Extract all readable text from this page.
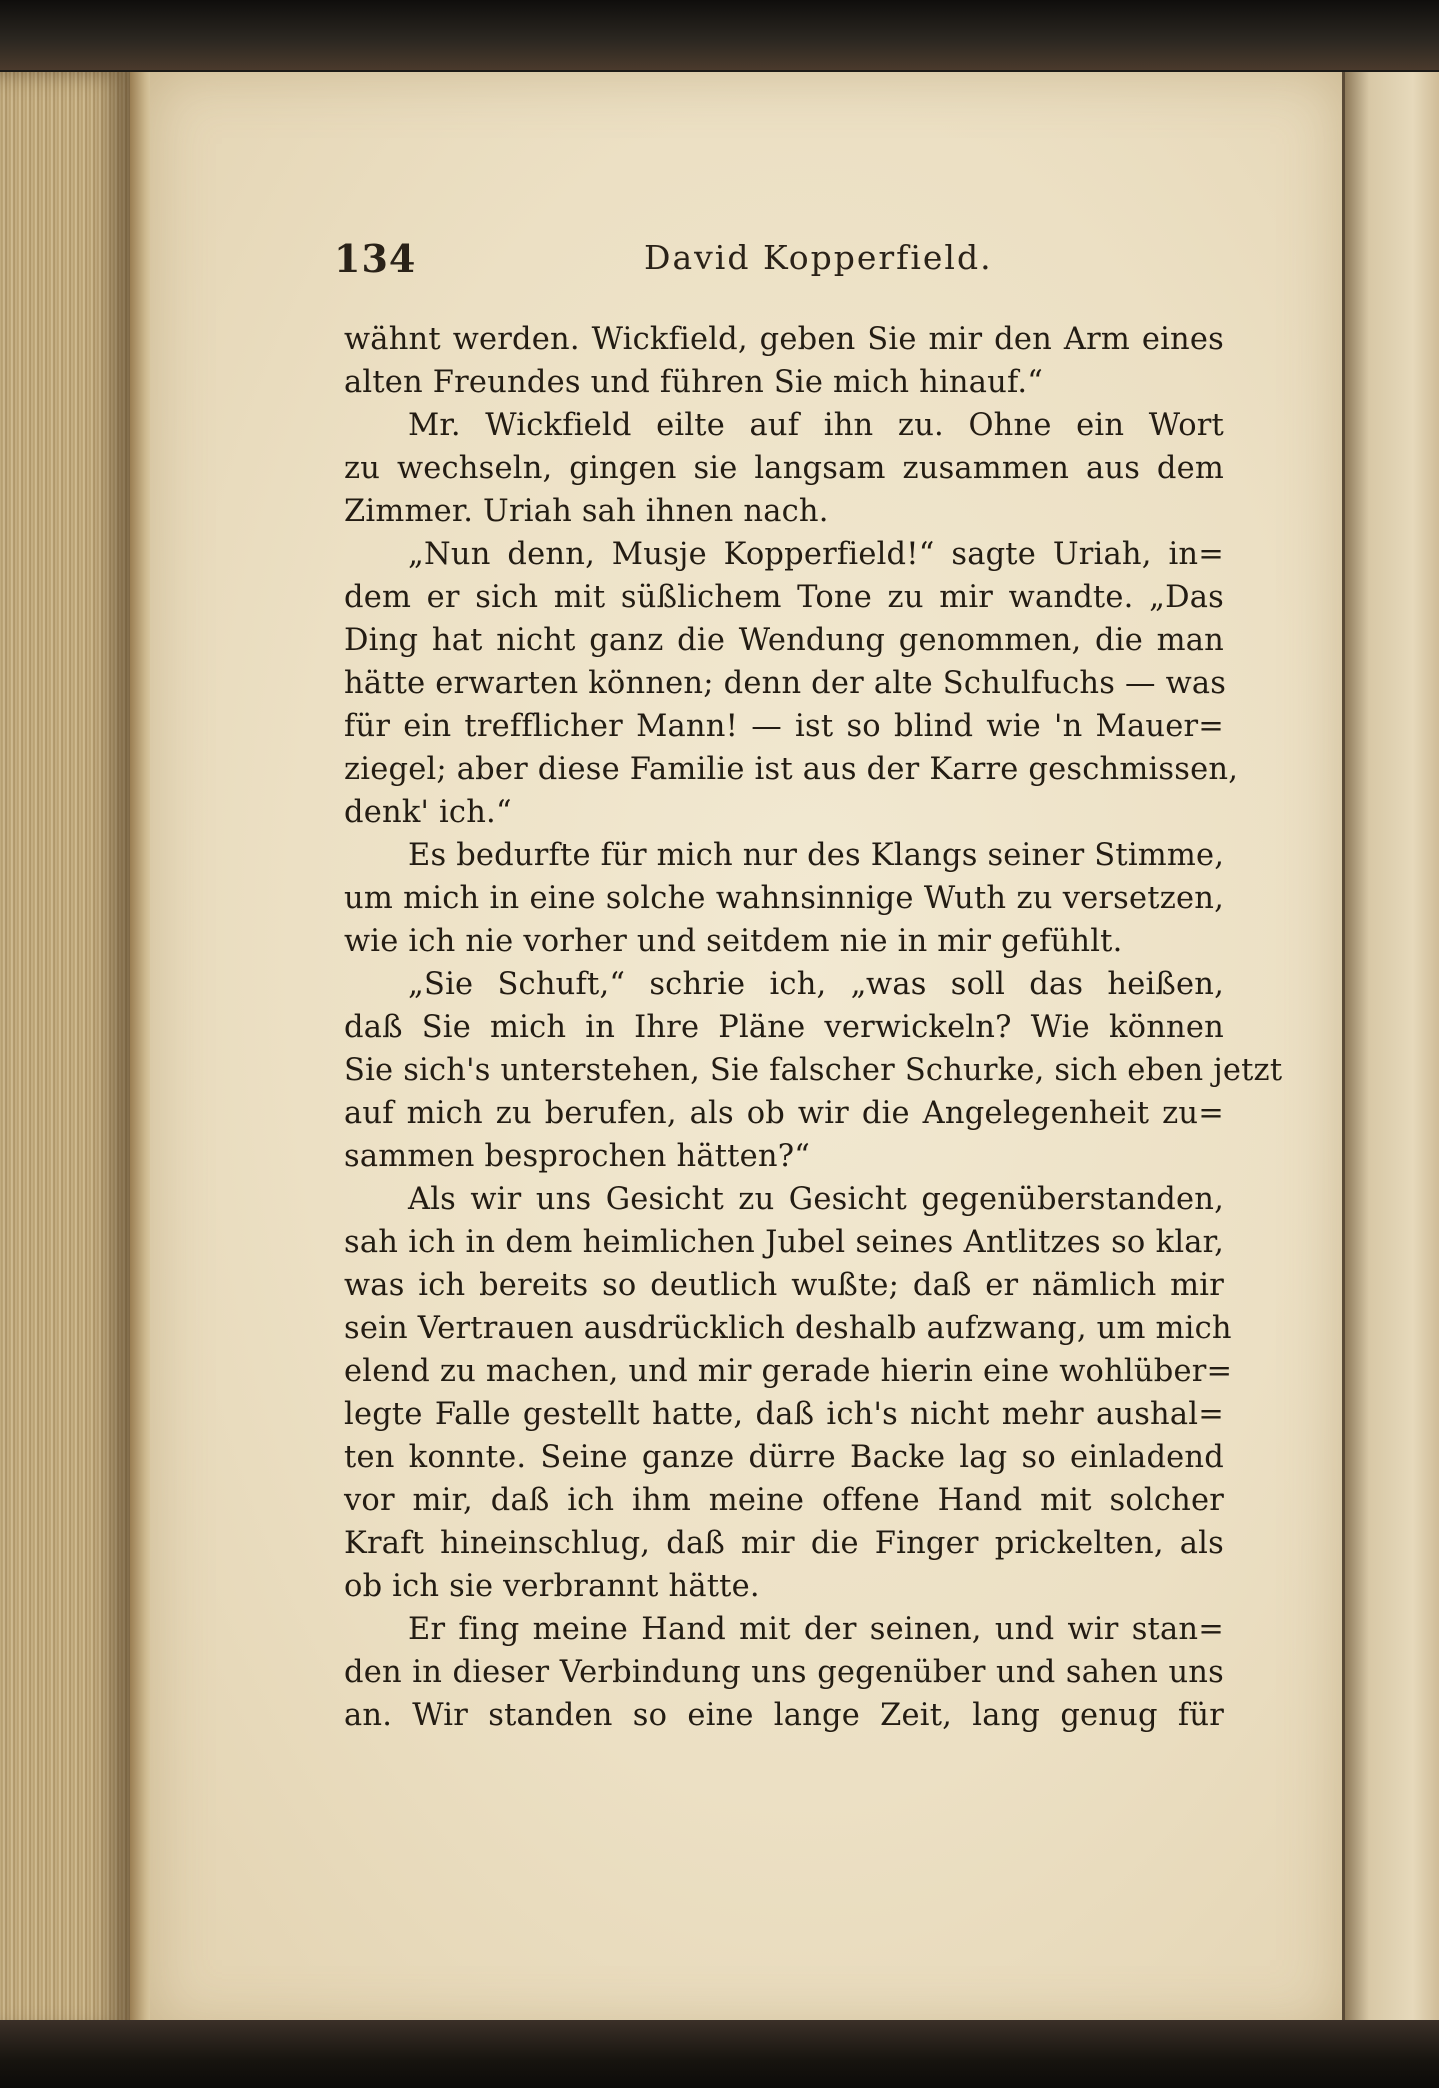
134	David Kopperfield.
wähnt werden. Wickfield, geben Sie mir den Arm eines
alten Freundes und führen Sie mich hinauf.“
Mr. Wickfield eilte auf ihn zu. Ohne ein Wort
zu wechseln, gingen sie langsam zusammen aus dem
Zimmer. Uriah sah ihnen nach.
„Nun denn, Musje Kopperfield!“ sagte Uriah, in=
dem er sich mit süßlichem Tone zu mir wandte. „Das
Ding hat nicht ganz die Wendung genommen, die man
hätte erwarten können; denn der alte Schulfuchs — was
für ein trefflicher Mann! — ist so blind wie 'n Mauer=
ziegel; aber diese Familie ist aus der Karre geschmissen,
denk' ich.“
Es bedurfte für mich nur des Klangs seiner Stimme,
um mich in eine solche wahnsinnige Wuth zu versetzen,
wie ich nie vorher und seitdem nie in mir gefühlt.
„Sie Schuft,“ schrie ich, „was soll das heißen,
daß Sie mich in Ihre Pläne verwickeln? Wie können
Sie sich's unterstehen, Sie falscher Schurke, sich eben jetzt
auf mich zu berufen, als ob wir die Angelegenheit zu=
sammen besprochen hätten?“
Als wir uns Gesicht zu Gesicht gegenüberstanden,
sah ich in dem heimlichen Jubel seines Antlitzes so klar,
was ich bereits so deutlich wußte; daß er nämlich mir
sein Vertrauen ausdrücklich deshalb aufzwang, um mich
elend zu machen, und mir gerade hierin eine wohlüber=
legte Falle gestellt hatte, daß ich's nicht mehr aushal=
ten konnte. Seine ganze dürre Backe lag so einladend
vor mir, daß ich ihm meine offene Hand mit solcher
Kraft hineinschlug, daß mir die Finger prickelten, als
ob ich sie verbrannt hätte.
Er fing meine Hand mit der seinen, und wir stan=
den in dieser Verbindung uns gegenüber und sahen uns
an. Wir standen so eine lange Zeit, lang genug für
